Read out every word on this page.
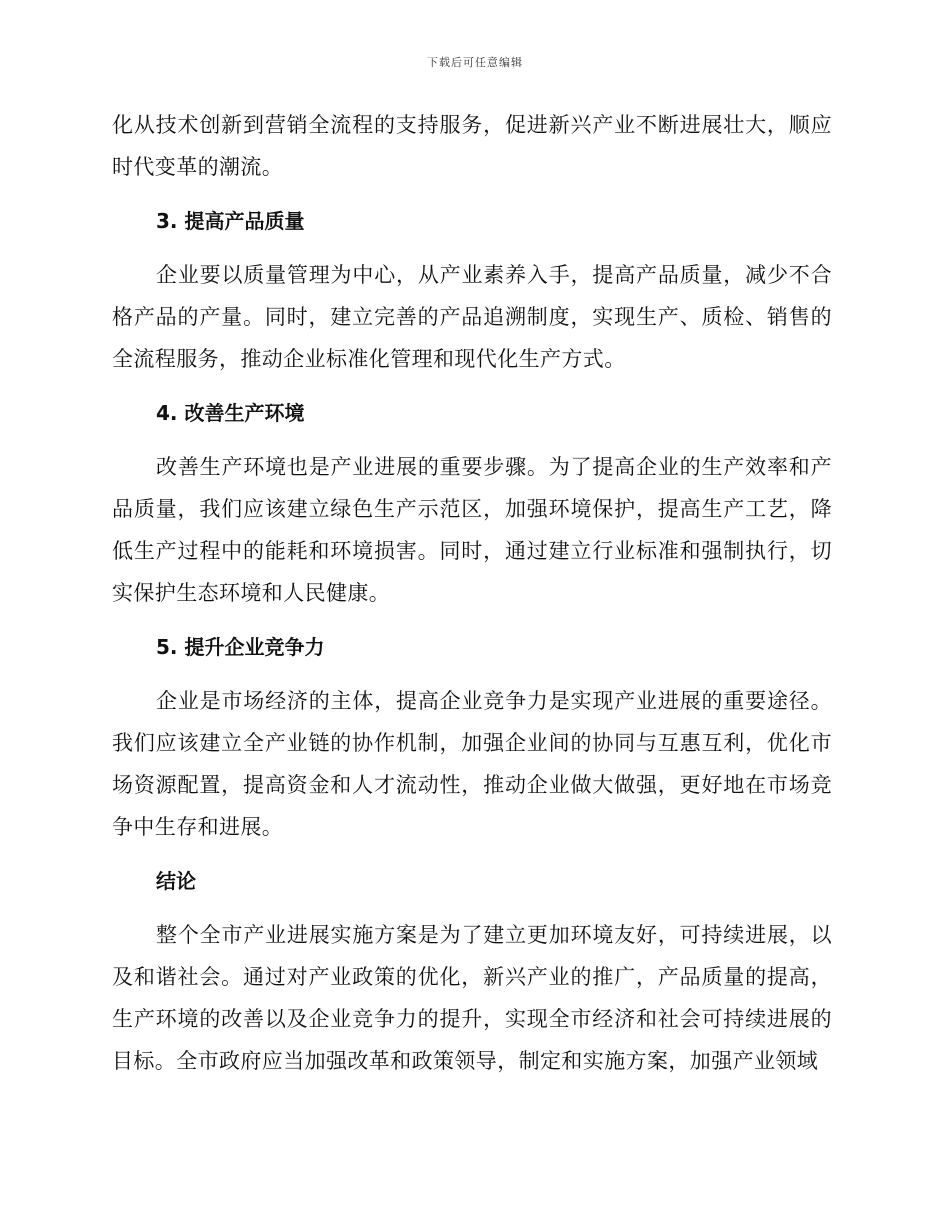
下载后可任意编辑

化从技术创新到营销全流程的支持服务，促进新兴产业不断进展壮大，顺应时代变革的潮流。

3. 提高产品质量

企业要以质量管理为中心，从产业素养入手，提高产品质量，减少不合格产品的产量。同时，建立完善的产品追溯制度，实现生产、质检、销售的全流程服务，推动企业标准化管理和现代化生产方式。

4. 改善生产环境

改善生产环境也是产业进展的重要步骤。为了提高企业的生产效率和产品质量，我们应该建立绿色生产示范区，加强环境保护，提高生产工艺，降低生产过程中的能耗和环境损害。同时，通过建立行业标准和强制执行，切实保护生态环境和人民健康。

5. 提升企业竞争力

企业是市场经济的主体，提高企业竞争力是实现产业进展的重要途径。我们应该建立全产业链的协作机制，加强企业间的协同与互惠互利，优化市场资源配置，提高资金和人才流动性，推动企业做大做强，更好地在市场竞争中生存和进展。

结论

整个全市产业进展实施方案是为了建立更加环境友好，可持续进展，以及和谐社会。通过对产业政策的优化，新兴产业的推广，产品质量的提高，生产环境的改善以及企业竞争力的提升，实现全市经济和社会可持续进展的目标。全市政府应当加强改革和政策领导，制定和实施方案，加强产业领域
